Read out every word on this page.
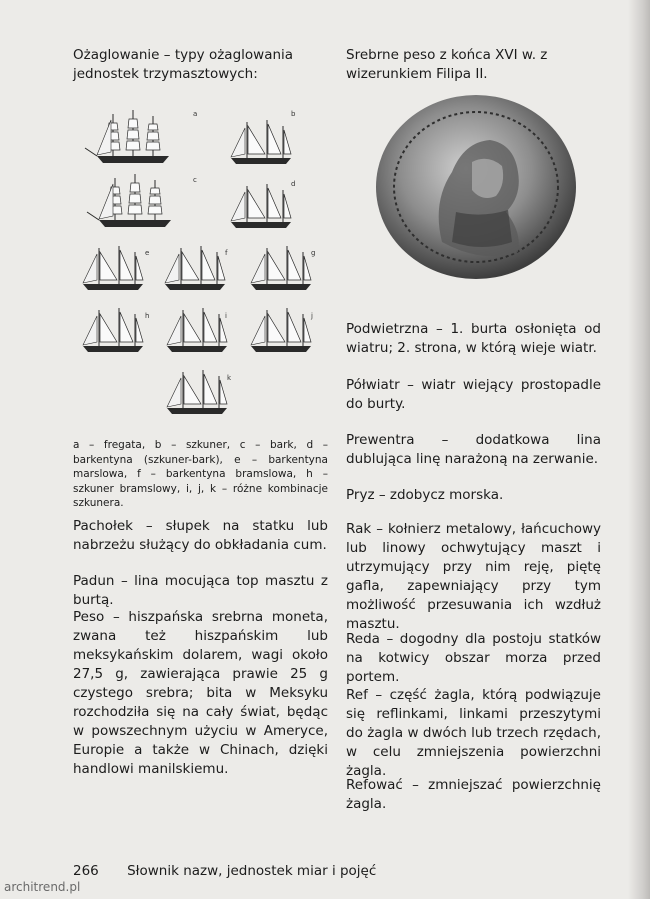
Ożaglowanie – typy ożaglowania jednostek trzymasztowych:
a	b
c	d
e	f	g
h	i	j
k
a – fregata, b – szkuner, c – bark, d – barkentyna (szkuner-bark), e – barkentyna marslowa, f – barkentyna bramslowa, h – szkuner bramslowy, i, j, k – różne kombinacje szkunera.
Pachołek – słupek na statku lub nabrzeżu służący do obkładania cum.
Padun – lina mocująca top masztu z burtą.
Peso – hiszpańska srebrna moneta, zwana też hiszpańskim lub meksykańskim dolarem, wagi około 27,5 g, zawierająca prawie 25 g czystego srebra; bita w Meksyku rozchodziła się na cały świat, będąc w powszechnym użyciu w Ameryce, Europie a także w Chinach, dzięki handlowi manilskiemu.
Srebrne peso z końca XVI w. z wizerunkiem Filipa II.
Podwietrzna – 1. burta osłonięta od wiatru; 2. strona, w którą wieje wiatr.
Półwiatr – wiatr wiejący prostopadle do burty.
Prewentra – dodatkowa lina dublująca linę narażoną na zerwanie.
Pryz – zdobycz morska.
Rak – kołnierz metalowy, łańcuchowy lub linowy ochwytujący maszt i utrzymujący przy nim reję, piętę gafla, zapewniający przy tym możliwość przesuwania ich wzdłuż masztu.
Reda – dogodny dla postoju statków na kotwicy obszar morza przed portem.
Ref – część żagla, którą podwiązuje się reflinkami, linkami przeszytymi do żagla w dwóch lub trzech rzędach, w celu zmniejszenia powierzchni żagla.
Refować – zmniejszać powierzchnię żagla.
266 Słownik nazw, jednostek miar i pojęć
architrend.pl
